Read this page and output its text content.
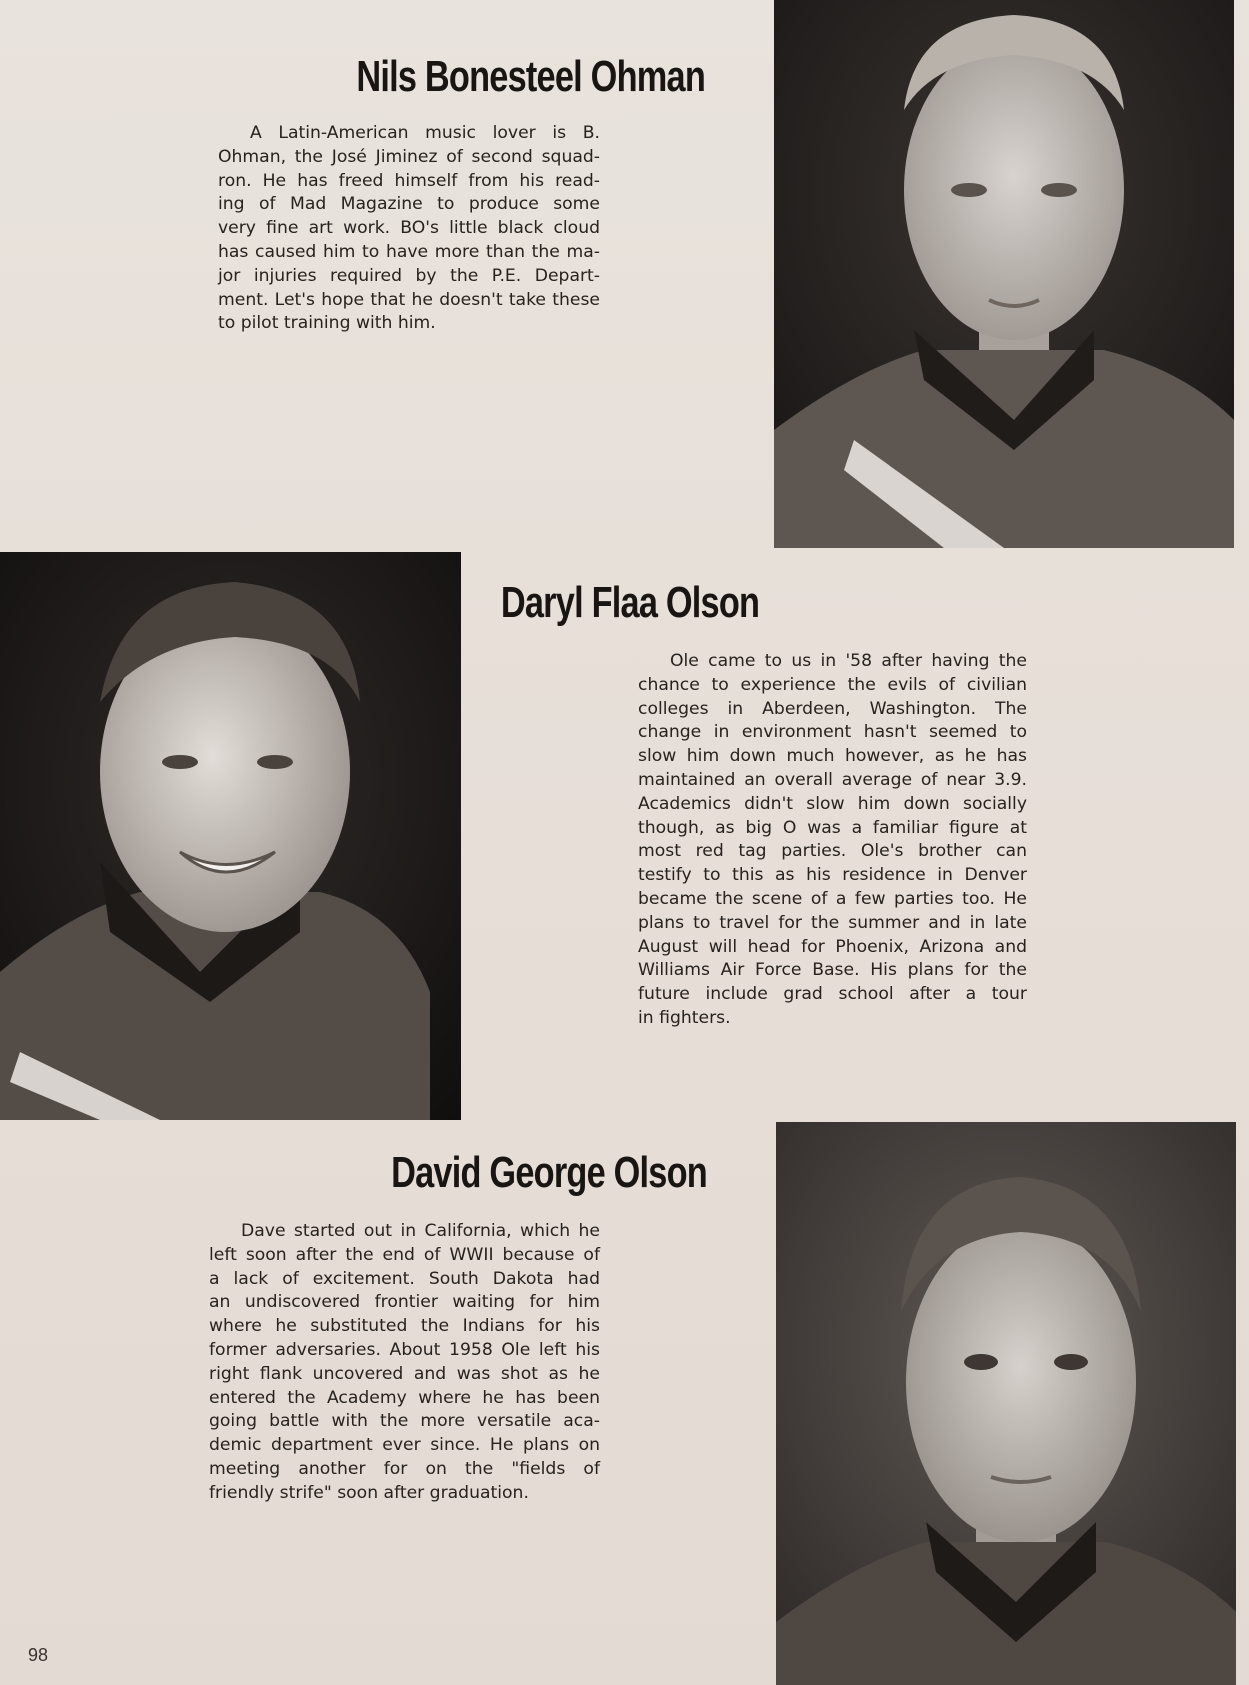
Nils Bonesteel Ohman
A Latin-American music lover is B.
Ohman, the José Jiminez of second squad-
ron. He has freed himself from his read-
ing of Mad Magazine to produce some
very fine art work. BO's little black cloud
has caused him to have more than the ma-
jor injuries required by the P.E. Depart-
ment. Let's hope that he doesn't take these
to pilot training with him.
Daryl Flaa Olson
Ole came to us in '58 after having the
chance to experience the evils of civilian
colleges in Aberdeen, Washington. The
change in environment hasn't seemed to
slow him down much however, as he has
maintained an overall average of near 3.9.
Academics didn't slow him down socially
though, as big O was a familiar figure at
most red tag parties. Ole's brother can
testify to this as his residence in Denver
became the scene of a few parties too. He
plans to travel for the summer and in late
August will head for Phoenix, Arizona and
Williams Air Force Base. His plans for the
future include grad school after a tour
in fighters.
David George Olson
Dave started out in California, which he
left soon after the end of WWII because of
a lack of excitement. South Dakota had
an undiscovered frontier waiting for him
where he substituted the Indians for his
former adversaries. About 1958 Ole left his
right flank uncovered and was shot as he
entered the Academy where he has been
going battle with the more versatile aca-
demic department ever since. He plans on
meeting another for on the "fields of
friendly strife" soon after graduation.
98
